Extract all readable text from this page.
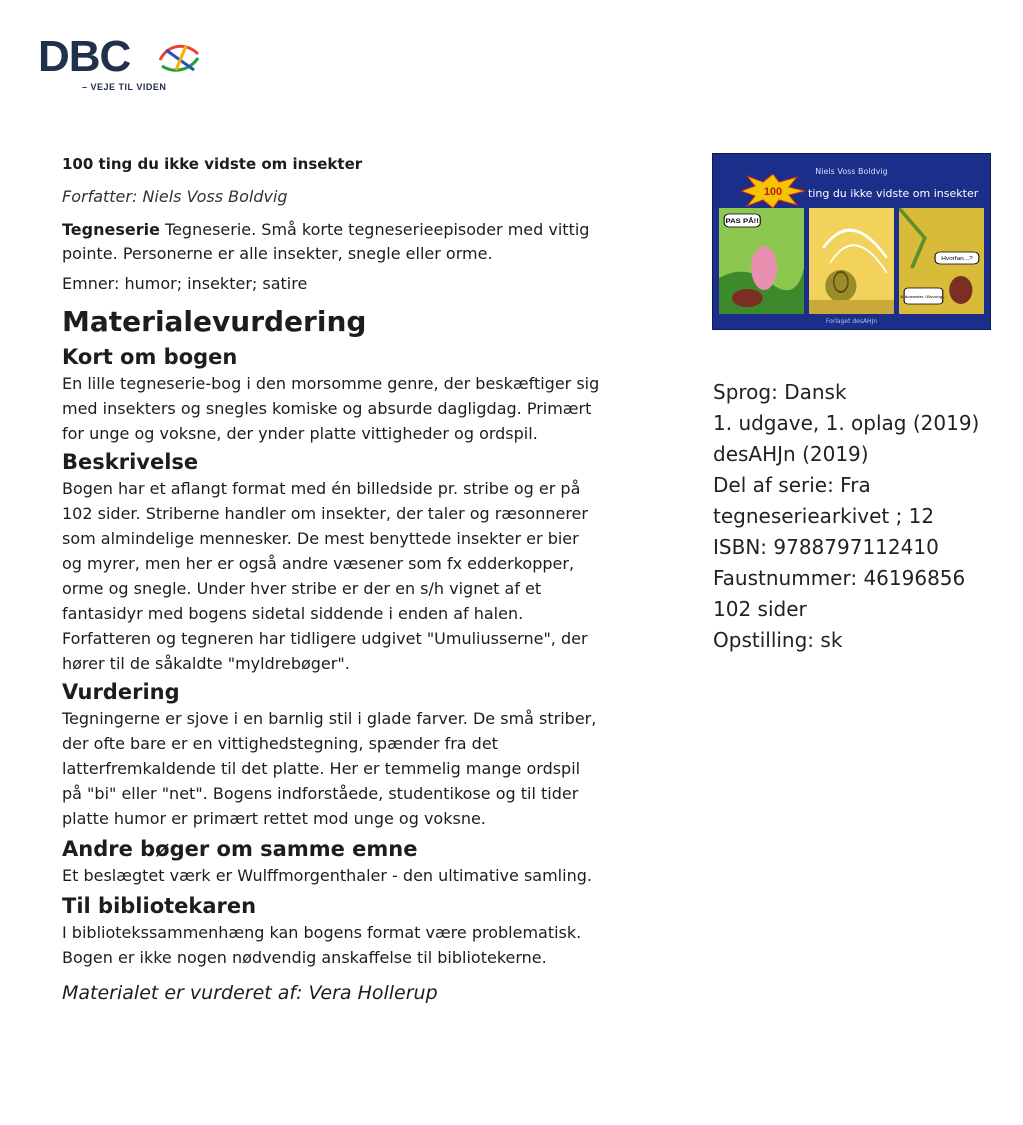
DBC
– VEJE TIL VIDEN
100 ting du ikke vidste om insekter
Forfatter: Niels Voss Boldvig
Tegneserie Tegneserie. Små korte tegneserieepisoder med vittig pointe. Personerne er alle insekter, snegle eller orme.
Emner: humor; insekter; satire
Materialevurdering
Kort om bogen

En lille tegneserie-bog i den morsomme genre, der beskæftiger sig med insekters og snegles komiske og absurde dagligdag. Primært for unge og voksne, der ynder platte vittigheder og ordspil.

Beskrivelse

Bogen har et aflangt format med én billedside pr. stribe og er på 102 sider. Striberne handler om insekter, der taler og ræsonnerer som almindelige mennesker. De mest benyttede insekter er bier og myrer, men her er også andre væsener som fx edderkopper, orme og snegle. Under hver stribe er der en s/h vignet af et fantasidyr med bogens sidetal siddende i enden af halen. Forfatteren og tegneren har tidligere udgivet "Umuliusserne", der hører til de såkaldte "myldrebøger".

Vurdering

Tegningerne er sjove i en barnlig stil i glade farver. De små striber, der ofte bare er en vittighedstegning, spænder fra det latterfremkaldende til det platte. Her er temmelig mange ordspil på "bi" eller "net". Bogens indforståede, studentikose og til tider platte humor er primært rettet mod unge og voksne.

Andre bøger om samme emne

Et beslægtet værk er Wulffmorgenthaler - den ultimative samling.

Til bibliotekaren

I bibliotekssammenhæng kan bogens format være problematisk. Bogen er ikke nogen nødvendig anskaffelse til bibliotekerne.

Materialet er vurderet af: Vera Hollerup
Niels Voss Boldvig
100 ting du ikke vidste om insekter
PAS PÅ!!
Hvorfan...?
Judomester i Buvongi...
Forlaget desAHJn
Sprog: Dansk
1. udgave, 1. oplag (2019)
desAHJn (2019)
Del af serie: Fra
tegneseriearkivet ; 12
ISBN: 9788797112410
Faustnummer: 46196856
102 sider
Opstilling: sk
